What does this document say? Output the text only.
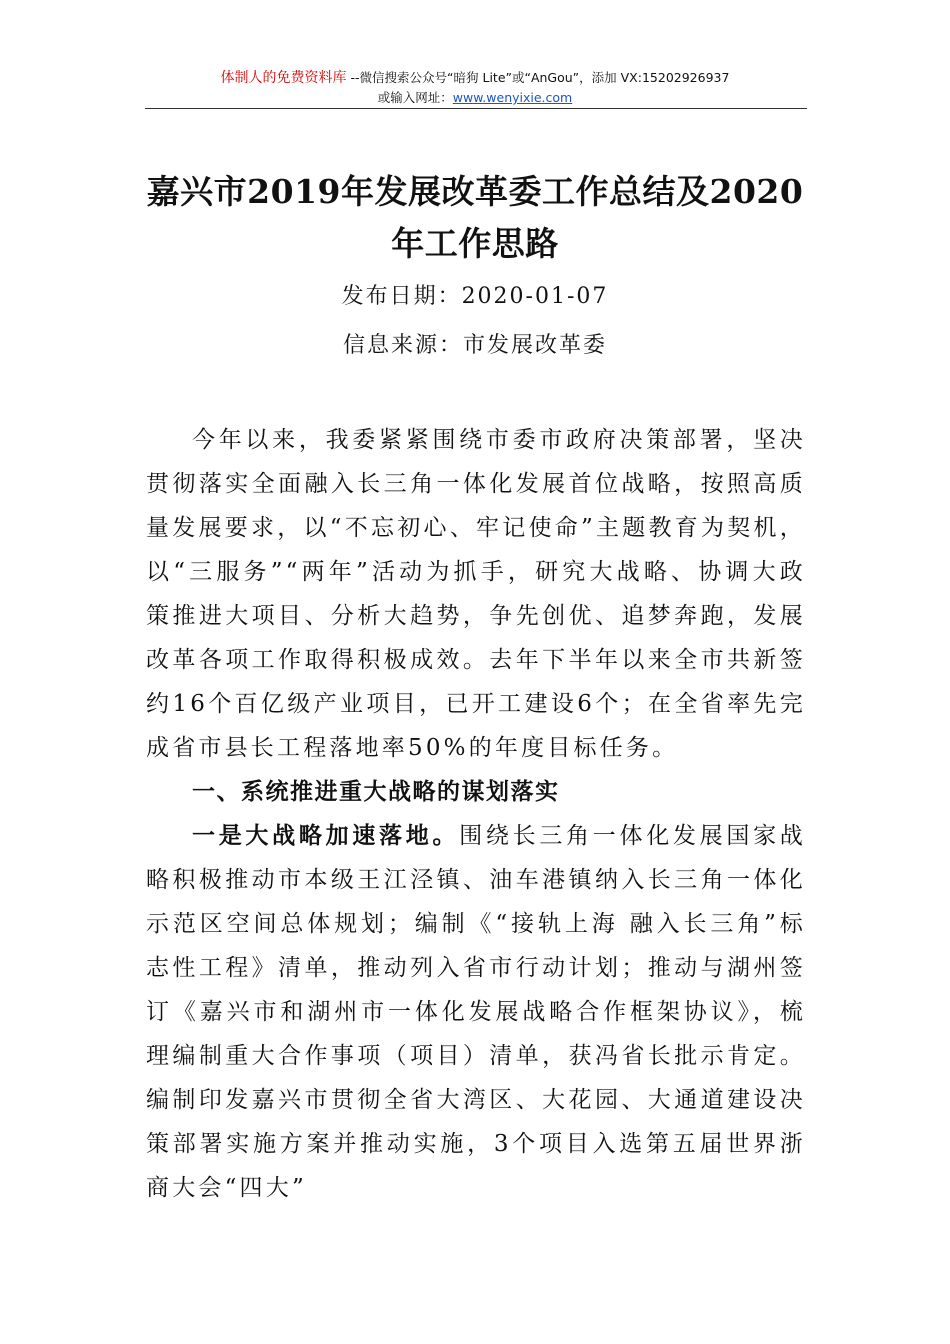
体制人的免费资料库 --微信搜索公众号“暗狗 Lite”或“AnGou”，添加 VX:15202926937
或输入网址：www.wenyixie.com
嘉兴市2019年发展改革委工作总结及2020年工作思路
发布日期：2020-01-07
信息来源：市发展改革委

今年以来，我委紧紧围绕市委市政府决策部署，坚决贯彻落实全面融入长三角一体化发展首位战略，按照高质量发展要求，以“不忘初心、牢记使命”主题教育为契机，以“三服务”“两年”活动为抓手，研究大战略、协调大政策推进大项目、分析大趋势，争先创优、追梦奔跑，发展改革各项工作取得积极成效。去年下半年以来全市共新签约16个百亿级产业项目，已开工建设6个；在全省率先完成省市县长工程落地率50%的年度目标任务。

一、系统推进重大战略的谋划落实

一是大战略加速落地。围绕长三角一体化发展国家战略积极推动市本级王江泾镇、油车港镇纳入长三角一体化示范区空间总体规划；编制《“接轨上海 融入长三角”标志性工程》清单，推动列入省市行动计划；推动与湖州签订《嘉兴市和湖州市一体化发展战略合作框架协议》，梳理编制重大合作事项（项目）清单，获冯省长批示肯定。编制印发嘉兴市贯彻全省大湾区、大花园、大通道建设决策部署实施方案并推动实施，3个项目入选第五届世界浙商大会“四大”
